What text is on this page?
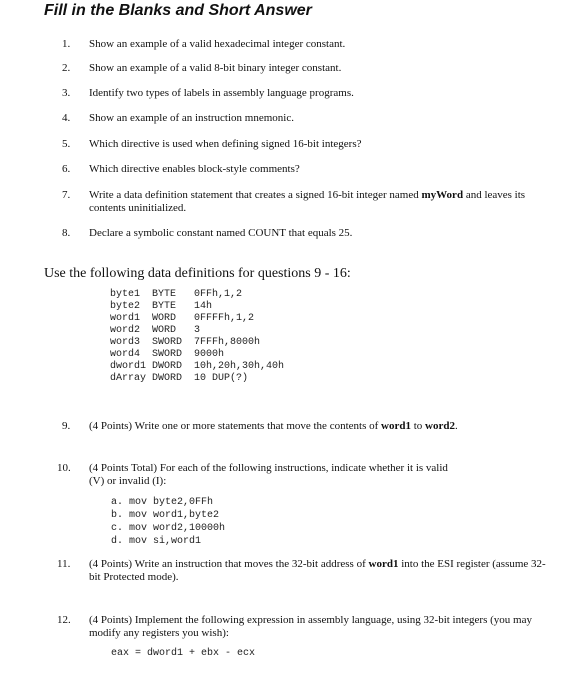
Fill in the Blanks and Short Answer
1.	Show an example of a valid hexadecimal integer constant.
2.	Show an example of a valid 8-bit binary integer constant.
3.	Identify two types of labels in assembly language programs.
4.	Show an example of an instruction mnemonic.
5.	Which directive is used when defining signed 16-bit integers?
6.	Which directive enables block-style comments?
7.	Write a data definition statement that creates a signed 16-bit integer named myWord and leaves its contents uninitialized.
8.	Declare a symbolic constant named COUNT that equals 25.
Use the following data definitions for questions 9 - 16:
byte1  BYTE   0FFh,1,2
byte2  BYTE   14h
word1  WORD   0FFFFh,1,2
word2  WORD   3
word3  SWORD  7FFFh,8000h
word4  SWORD  9000h
dword1 DWORD  10h,20h,30h,40h
dArray DWORD  10 DUP(?)
9.	(4 Points) Write one or more statements that move the contents of word1 to word2.
10.	(4 Points Total) For each of the following instructions, indicate whether it is valid (V) or invalid (I):
a. mov byte2,0FFh
b. mov word1,byte2
c. mov word2,10000h
d. mov si,word1
11.	(4 Points) Write an instruction that moves the 32-bit address of word1 into the ESI register (assume 32-bit Protected mode).
12.	(4 Points) Implement the following expression in assembly language, using 32-bit integers (you may modify any registers you wish):
eax = dword1 + ebx - ecx
